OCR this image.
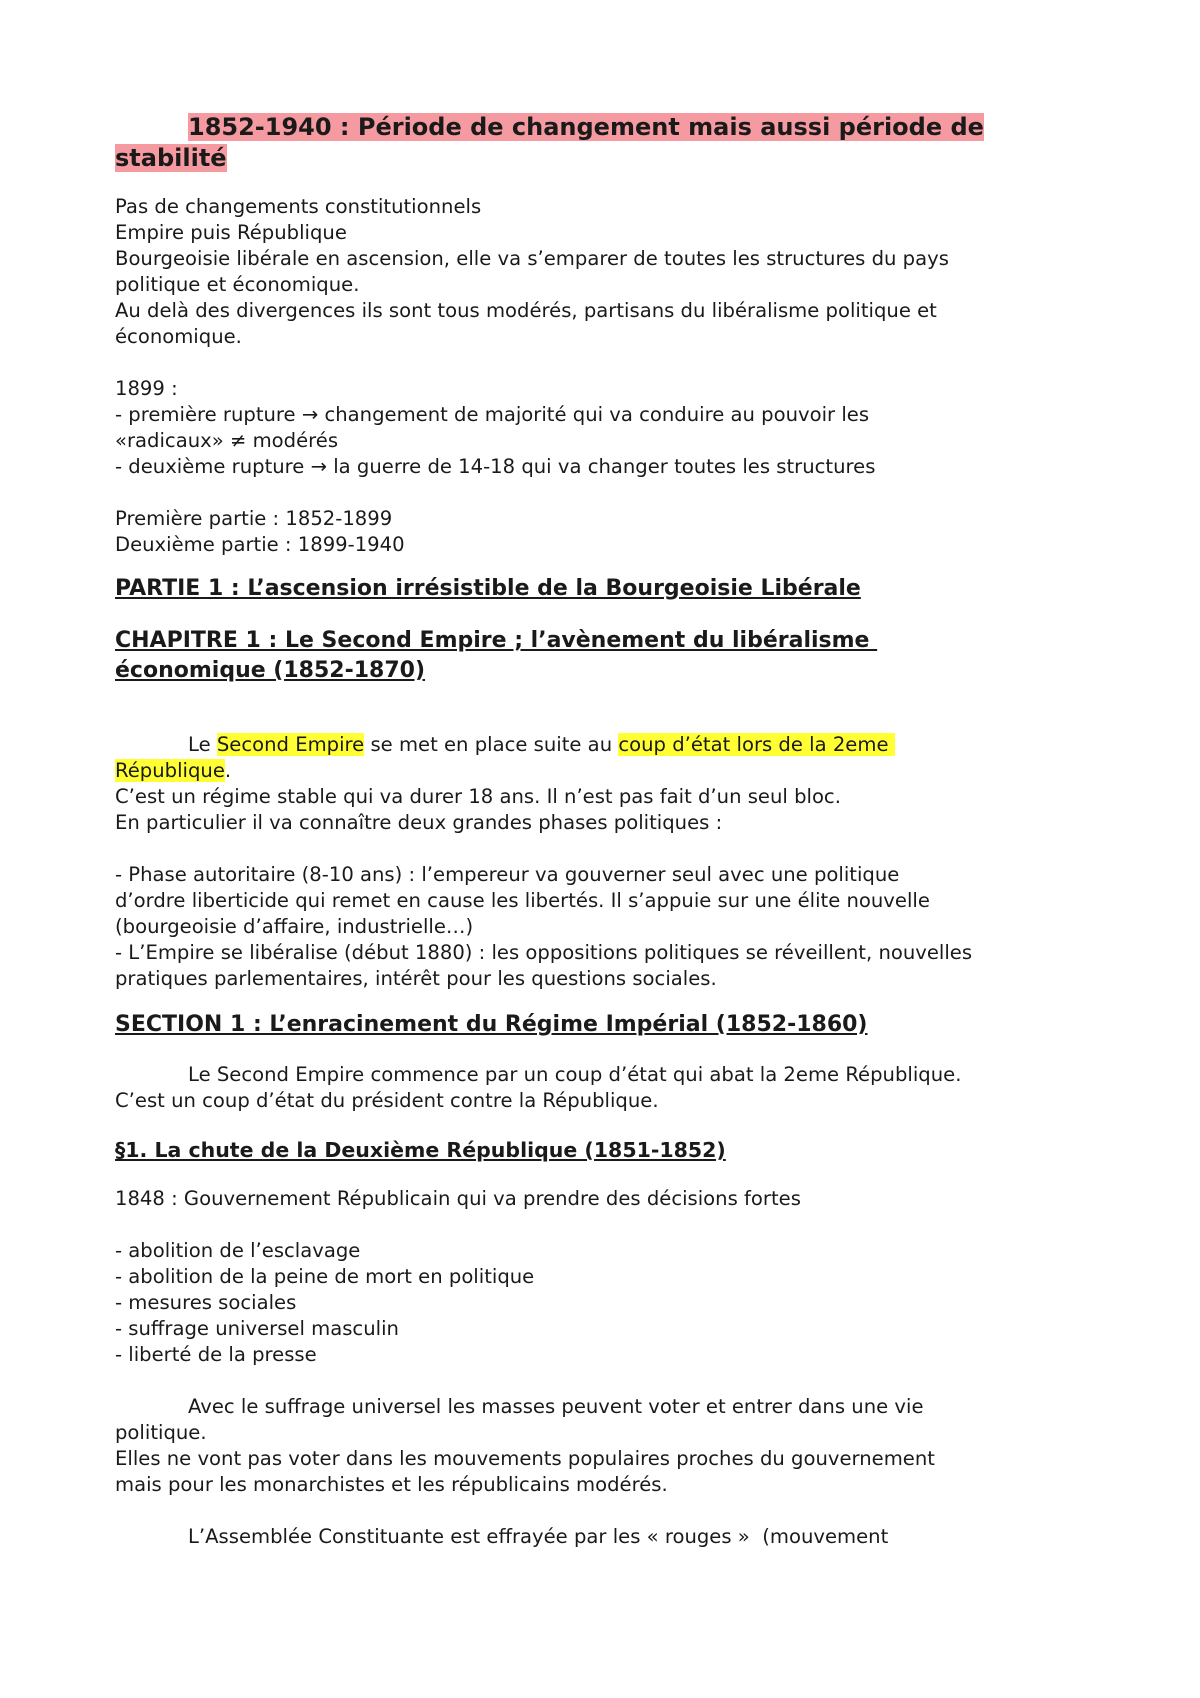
1852-1940 : Période de changement mais aussi période de
stabilité
Pas de changements constitutionnels
Empire puis République
Bourgeoisie libérale en ascension, elle va s’emparer de toutes les structures du pays
politique et économique.
Au delà des divergences ils sont tous modérés, partisans du libéralisme politique et
économique.
1899 :
- première rupture → changement de majorité qui va conduire au pouvoir les
«radicaux» ≠ modérés
- deuxième rupture → la guerre de 14-18 qui va changer toutes les structures
Première partie : 1852-1899
Deuxième partie : 1899-1940
PARTIE 1 : L’ascension irrésistible de la Bourgeoisie Libérale
CHAPITRE 1 : Le Second Empire ; l’avènement du libéralisme
économique (1852-1870)
Le Second Empire se met en place suite au coup d’état lors de la 2eme
République.
C’est un régime stable qui va durer 18 ans. Il n’est pas fait d’un seul bloc.
En particulier il va connaître deux grandes phases politiques :
- Phase autoritaire (8-10 ans) : l’empereur va gouverner seul avec une politique
d’ordre liberticide qui remet en cause les libertés. Il s’appuie sur une élite nouvelle
(bourgeoisie d’affaire, industrielle…)
- L’Empire se libéralise (début 1880) : les oppositions politiques se réveillent, nouvelles
pratiques parlementaires, intérêt pour les questions sociales.
SECTION 1 : L’enracinement du Régime Impérial (1852-1860)
Le Second Empire commence par un coup d’état qui abat la 2eme République.
C’est un coup d’état du président contre la République.
§1. La chute de la Deuxième République (1851-1852)
1848 : Gouvernement Républicain qui va prendre des décisions fortes
- abolition de l’esclavage
- abolition de la peine de mort en politique
- mesures sociales
- suffrage universel masculin
- liberté de la presse
Avec le suffrage universel les masses peuvent voter et entrer dans une vie
politique.
Elles ne vont pas voter dans les mouvements populaires proches du gouvernement
mais pour les monarchistes et les républicains modérés.
L’Assemblée Constituante est effrayée par les « rouges »  (mouvement
